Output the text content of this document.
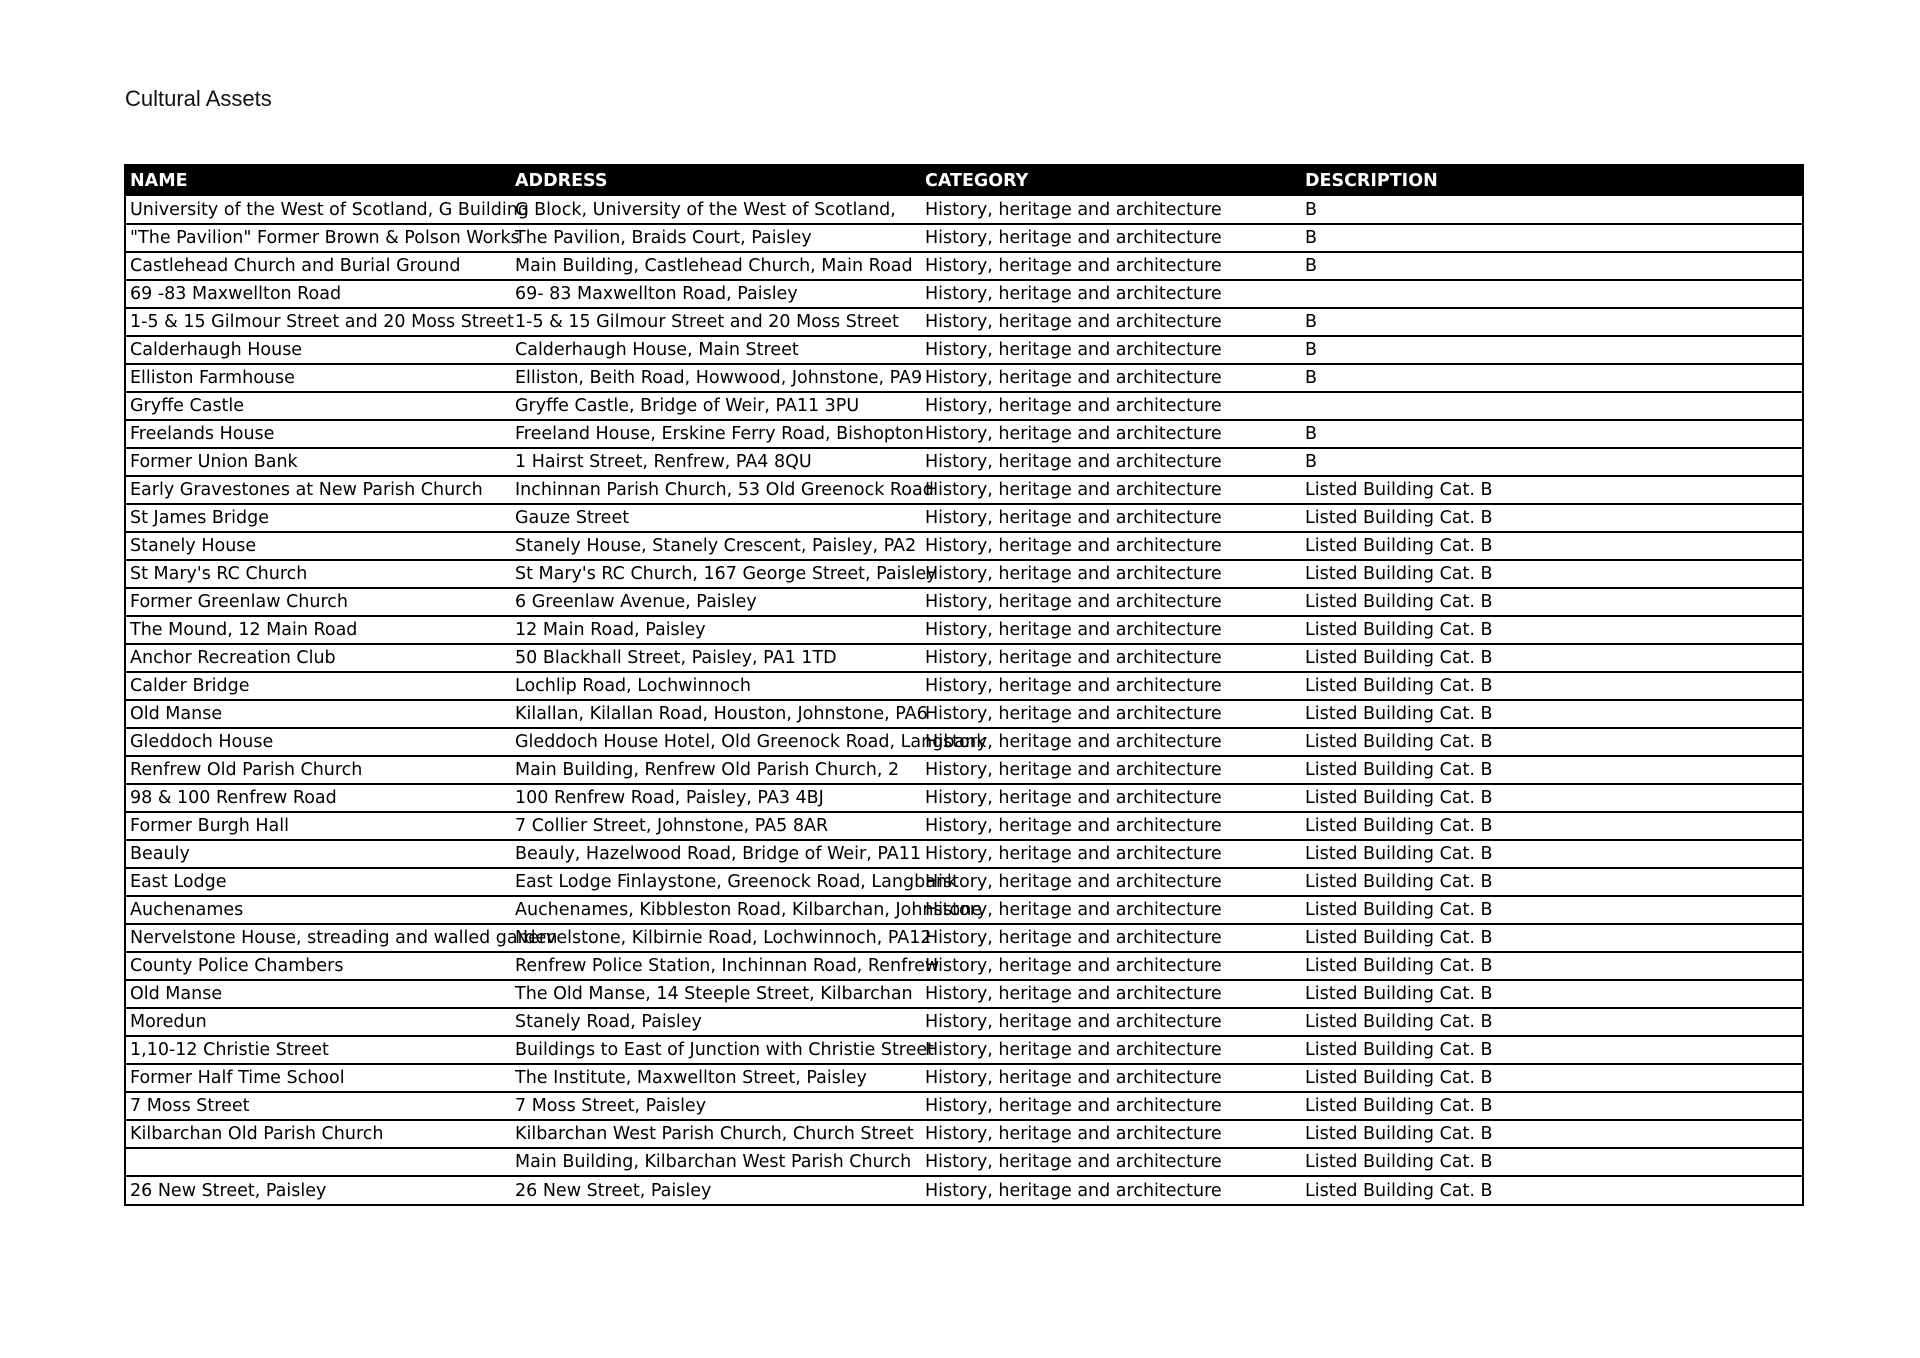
Cultural Assets
NAME	ADDRESS	CATEGORY	DESCRIPTION
University of the West of Scotland, G Building	G Block, University of the West of Scotland,	History, heritage and architecture	B
"The Pavilion" Former Brown & Polson Works	The Pavilion, Braids Court, Paisley	History, heritage and architecture	B
Castlehead Church and Burial Ground	Main Building, Castlehead Church, Main Road	History, heritage and architecture	B
69 -83 Maxwellton Road	69- 83 Maxwellton Road, Paisley	History, heritage and architecture	
1-5 & 15 Gilmour Street and 20 Moss Street	1-5 & 15 Gilmour Street and 20 Moss Street	History, heritage and architecture	B
Calderhaugh House	Calderhaugh House, Main Street	History, heritage and architecture	B
Elliston Farmhouse	Elliston, Beith Road, Howwood, Johnstone, PA9	History, heritage and architecture	B
Gryffe Castle	Gryffe Castle, Bridge of Weir, PA11 3PU	History, heritage and architecture	
Freelands House	Freeland House, Erskine Ferry Road, Bishopton	History, heritage and architecture	B
Former Union Bank	1 Hairst Street, Renfrew, PA4 8QU	History, heritage and architecture	B
Early Gravestones at New Parish Church	Inchinnan Parish Church, 53 Old Greenock Road	History, heritage and architecture	Listed Building Cat. B
St James Bridge	Gauze Street	History, heritage and architecture	Listed Building Cat. B
Stanely House	Stanely House, Stanely Crescent, Paisley, PA2	History, heritage and architecture	Listed Building Cat. B
St Mary's RC Church	St Mary's RC Church, 167 George Street, Paisley	History, heritage and architecture	Listed Building Cat. B
Former Greenlaw Church	6 Greenlaw Avenue, Paisley	History, heritage and architecture	Listed Building Cat. B
The Mound, 12 Main Road	12 Main Road, Paisley	History, heritage and architecture	Listed Building Cat. B
Anchor Recreation Club	50 Blackhall Street, Paisley, PA1 1TD	History, heritage and architecture	Listed Building Cat. B
Calder Bridge	Lochlip Road, Lochwinnoch	History, heritage and architecture	Listed Building Cat. B
Old Manse	Kilallan, Kilallan Road, Houston, Johnstone, PA6	History, heritage and architecture	Listed Building Cat. B
Gleddoch House	Gleddoch House Hotel, Old Greenock Road, Langbank	History, heritage and architecture	Listed Building Cat. B
Renfrew Old Parish Church	Main Building, Renfrew Old Parish Church, 2	History, heritage and architecture	Listed Building Cat. B
98 & 100 Renfrew Road	100 Renfrew Road, Paisley, PA3 4BJ	History, heritage and architecture	Listed Building Cat. B
Former Burgh Hall	7 Collier Street, Johnstone, PA5 8AR	History, heritage and architecture	Listed Building Cat. B
Beauly	Beauly, Hazelwood Road, Bridge of Weir, PA11	History, heritage and architecture	Listed Building Cat. B
East Lodge	East Lodge Finlaystone, Greenock Road, Langbank	History, heritage and architecture	Listed Building Cat. B
Auchenames	Auchenames, Kibbleston Road, Kilbarchan, Johnstone	History, heritage and architecture	Listed Building Cat. B
Nervelstone House, streading and walled garden	Nervelstone, Kilbirnie Road, Lochwinnoch, PA12	History, heritage and architecture	Listed Building Cat. B
County Police Chambers	Renfrew Police Station, Inchinnan Road, Renfrew	History, heritage and architecture	Listed Building Cat. B
Old Manse	The Old Manse, 14 Steeple Street, Kilbarchan	History, heritage and architecture	Listed Building Cat. B
Moredun	Stanely Road, Paisley	History, heritage and architecture	Listed Building Cat. B
1,10-12 Christie Street	Buildings to East of Junction with Christie Street	History, heritage and architecture	Listed Building Cat. B
Former Half Time School	The Institute, Maxwellton Street, Paisley	History, heritage and architecture	Listed Building Cat. B
7 Moss Street	7 Moss Street, Paisley	History, heritage and architecture	Listed Building Cat. B
Kilbarchan Old Parish Church	Kilbarchan West Parish Church, Church Street	History, heritage and architecture	Listed Building Cat. B
	Main Building, Kilbarchan West Parish Church	History, heritage and architecture	Listed Building Cat. B
26 New Street, Paisley	26 New Street, Paisley	History, heritage and architecture	Listed Building Cat. B
